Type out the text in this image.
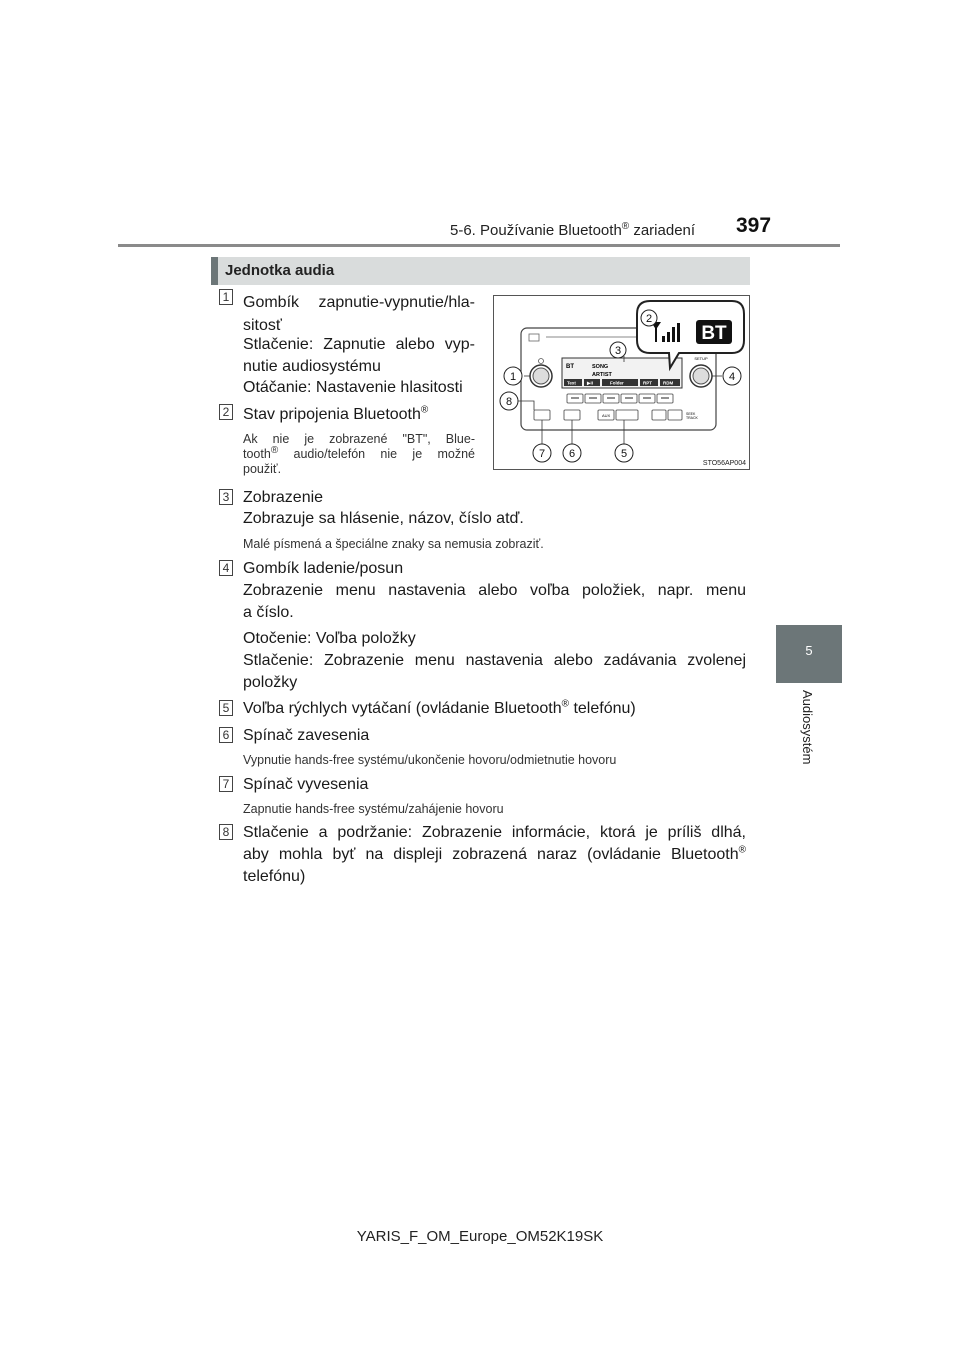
5-6. Používanie Bluetooth® zariadení 397
5
Audiosystém
Jednotka audia
1 Gombík zapnutie-vypnutie/hla-
sitosť
Stlačenie: Zapnutie alebo vyp-
nutie audiosystému
Otáčanie: Nastavenie hlasitosti
2 Stav pripojenia Bluetooth®
Ak nie je zobrazené "BT", Blue-
tooth® audio/telefón nie je možné
použiť.
SETUP
BT	SONG
ARTIST
Text ▶II	Folder	RPT RDM
AUX	SEEK
TRACK
BT
1
2
3
4
5
6
7
8
STO56AP004
3 Zobrazenie
Zobrazuje sa hlásenie, názov, číslo atď.
Malé písmená a špeciálne znaky sa nemusia zobraziť.
4 Gombík ladenie/posun
Zobrazenie menu nastavenia alebo voľba položiek, napr. menu
a číslo.
Otočenie: Voľba položky
Stlačenie: Zobrazenie menu nastavenia alebo zadávania zvolenej
položky
5 Voľba rýchlych vytáčaní (ovládanie Bluetooth® telefónu)
6 Spínač zavesenia
Vypnutie hands-free systému/ukončenie hovoru/odmietnutie hovoru
7 Spínač vyvesenia
Zapnutie hands-free systému/zahájenie hovoru
8 Stlačenie a podržanie: Zobrazenie informácie, ktorá je príliš dlhá,
aby mohla byť na displeji zobrazená naraz (ovládanie Bluetooth®
telefónu)
YARIS_F_OM_Europe_OM52K19SK
